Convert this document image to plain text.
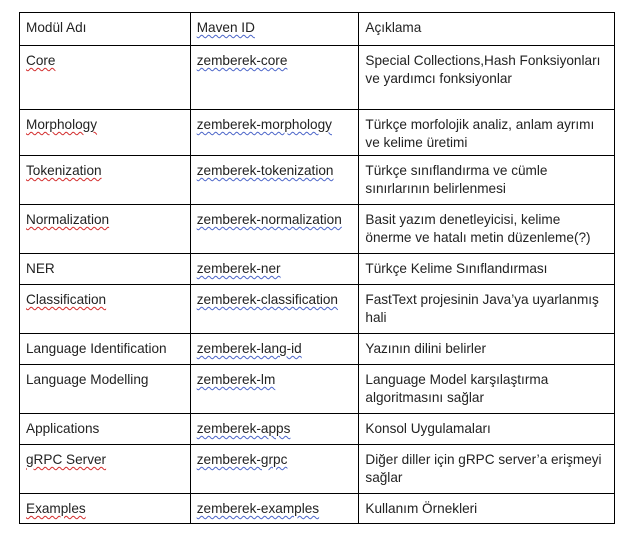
Modül Adı	Maven ID	Açıklama
Core	zemberek-core	Special Collections,Hash Fonksiyonları ve yardımcı fonksiyonlar
Morphology	zemberek-morphology	Türkçe morfolojik analiz, anlam ayrımı ve kelime üretimi
Tokenization	zemberek-tokenization	Türkçe sınıflandırma ve cümle sınırlarının belirlenmesi
Normalization	zemberek-normalization	Basit yazım denetleyicisi, kelime önerme ve hatalı metin düzenleme(?)
NER	zemberek-ner	Türkçe Kelime Sınıflandırması
Classification	zemberek-classification	FastText projesinin Java’ya uyarlanmış hali
Language Identification	zemberek-lang-id	Yazının dilini belirler
Language Modelling	zemberek-lm	Language Model karşılaştırma algoritmasını sağlar
Applications	zemberek-apps	Konsol Uygulamaları
gRPC Server	zemberek-grpc	Diğer diller için gRPC server’a erişmeyi sağlar
Examples	zemberek-examples	Kullanım Örnekleri
